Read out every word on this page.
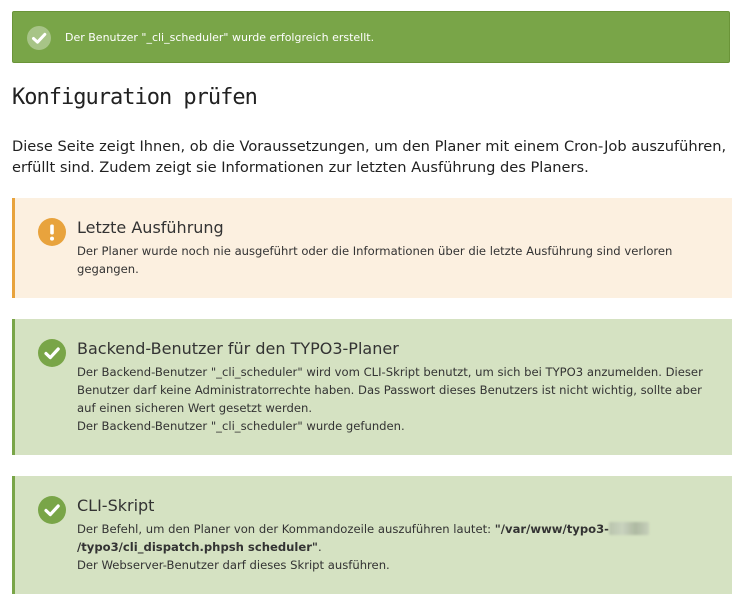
Der Benutzer "_cli_scheduler" wurde erfolgreich erstellt.
Konfiguration prüfen

Diese Seite zeigt Ihnen, ob die Voraussetzungen, um den Planer mit einem Cron-Job auszuführen, erfüllt sind. Zudem zeigt sie Informationen zur letzten Ausführung des Planers.

Letzte Ausführung

Der Planer wurde noch nie ausgeführt oder die Informationen über die letzte Ausführung sind verloren gegangen.

Backend-Benutzer für den TYPO3-Planer

Der Backend-Benutzer "_cli_scheduler" wird vom CLI-Skript benutzt, um sich bei TYPO3 anzumelden. Dieser Benutzer darf keine Administratorrechte haben. Das Passwort dieses Benutzers ist nicht wichtig, sollte aber auf einen sicheren Wert gesetzt werden.

Der Backend-Benutzer "_cli_scheduler" wurde gefunden.

CLI-Skript

Der Befehl, um den Planer von der Kommandozeile auszuführen lautet: "/var/www/typo3-/typo3/cli_dispatch.phpsh scheduler".

Der Webserver-Benutzer darf dieses Skript ausführen.
